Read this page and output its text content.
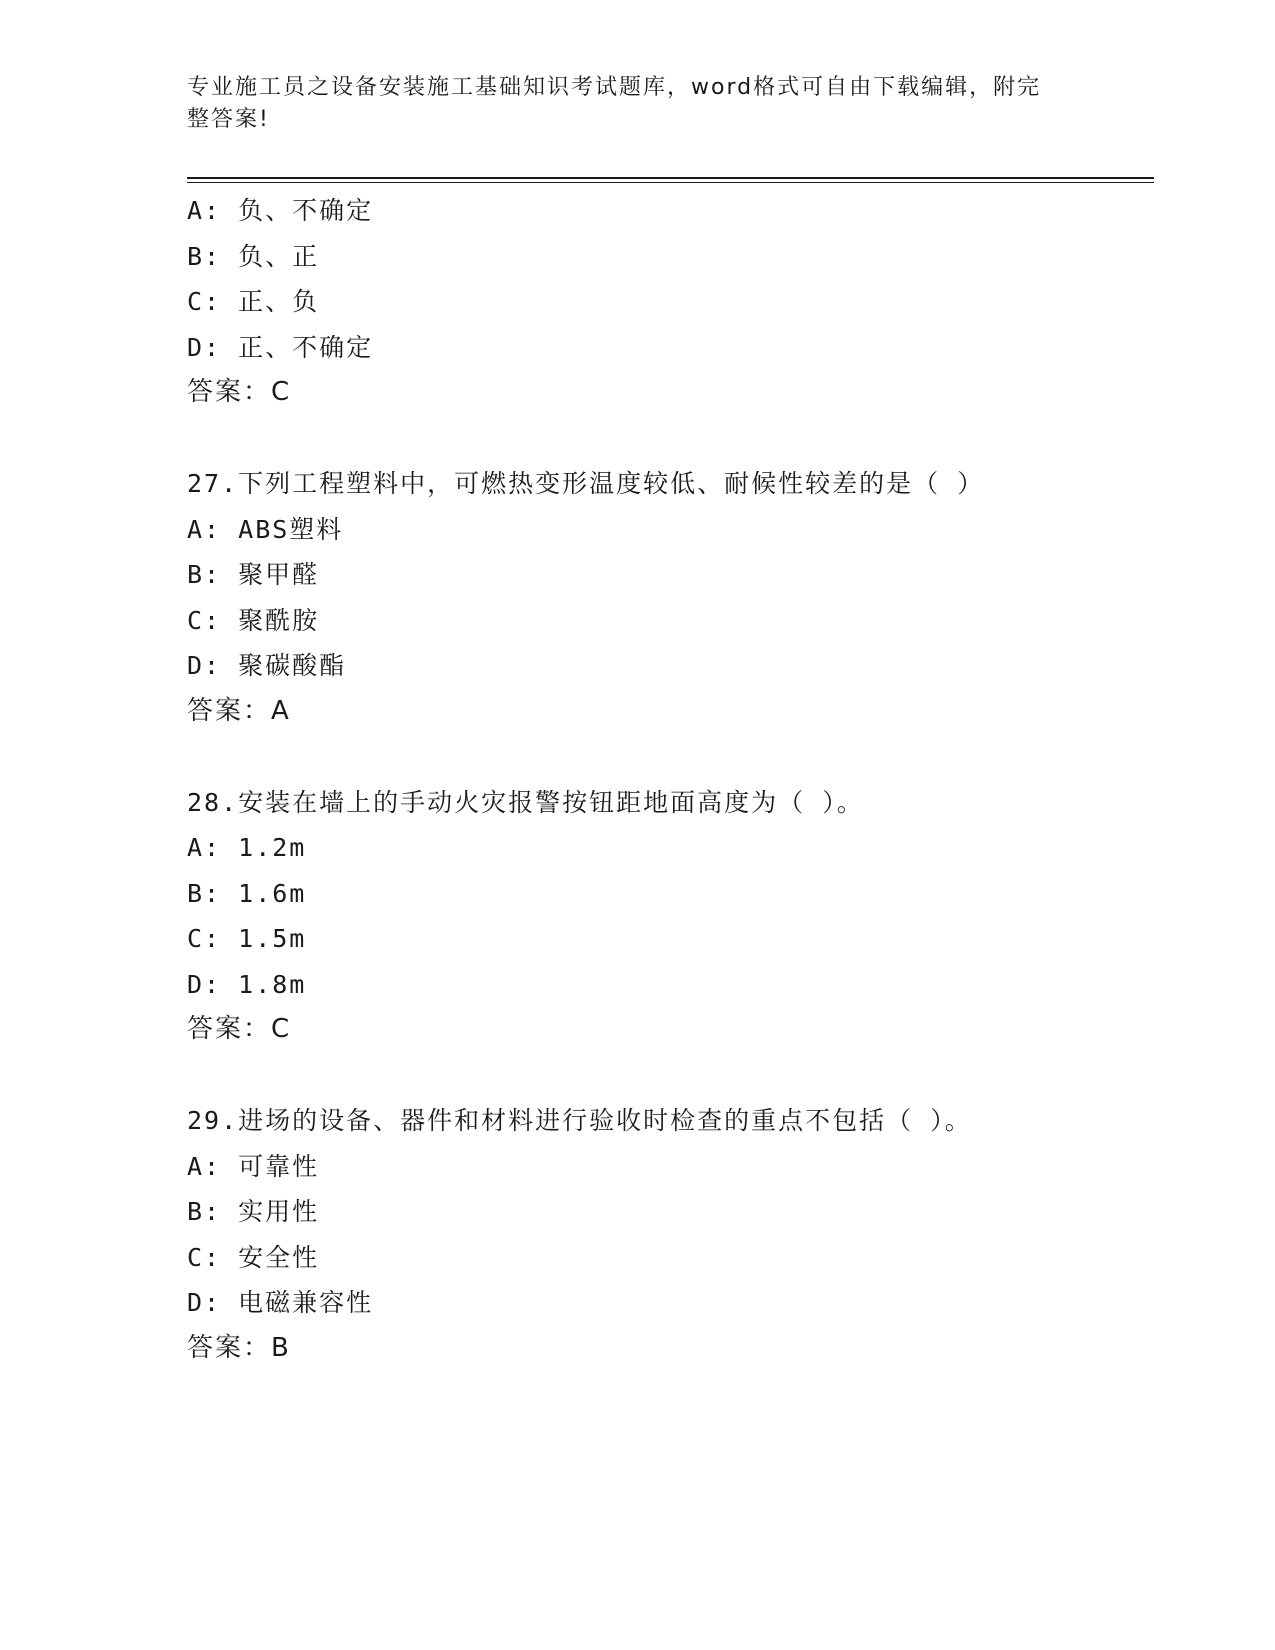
专业施工员之设备安装施工基础知识考试题库，word格式可自由下载编辑，附完
整答案!
A: 负、不确定
B: 负、正
C: 正、负
D: 正、不确定
答案：C
27.下列工程塑料中，可燃热变形温度较低、耐候性较差的是（ ）
A: ABS塑料
B: 聚甲醛
C: 聚酰胺
D: 聚碳酸酯
答案：A
28.安装在墙上的手动火灾报警按钮距地面高度为（ ）。
A: 1.2m
B: 1.6m
C: 1.5m
D: 1.8m
答案：C
29.进场的设备、器件和材料进行验收时检查的重点不包括（ ）。
A: 可靠性
B: 实用性
C: 安全性
D: 电磁兼容性
答案：B
